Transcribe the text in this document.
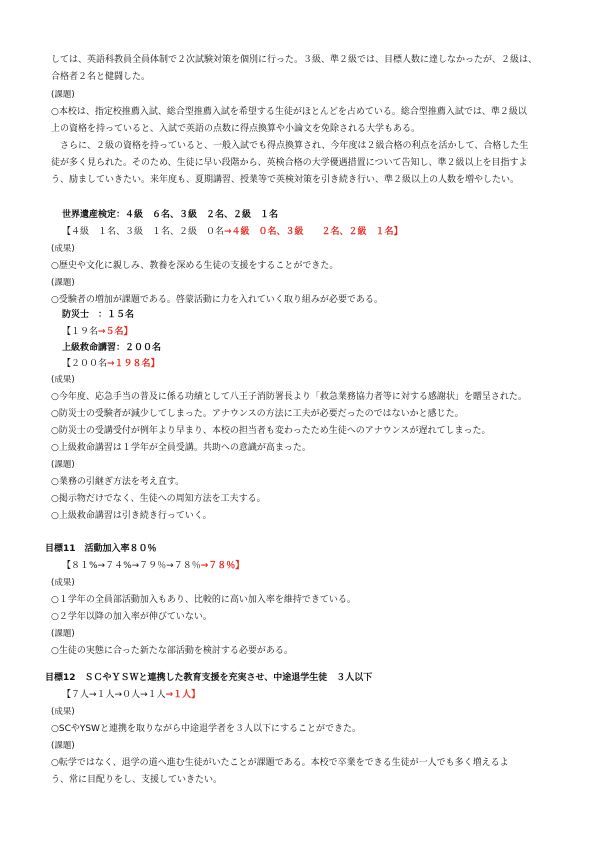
しては、英語科教員全員体制で２次試験対策を個別に行った。３級、準２級では、目標人数に達しなかったが、２級は、
合格者２名と健闘した。
(課題)
○本校は、指定校推薦入試、総合型推薦入試を希望する生徒がほとんどを占めている。総合型推薦入試では、準２級以
上の資格を持っていると、入試で英語の点数に得点換算や小論文を免除される大学もある。
　さらに、２級の資格を持っていると、一般入試でも得点換算され、今年度は２級合格の利点を活かして、合格した生
徒が多く見られた。そのため、生徒に早い段階から、英検合格の大学優遇措置について告知し、準２級以上を目指すよ
う、励ましていきたい。来年度も、夏期講習、授業等で英検対策を引き続き行い、準２級以上の人数を増やしたい。
世界遺産検定：４級　６名、３級　２名、２級　１名
【４級　１名、３級　１名、２級　０名→４級　０名、３級　　２名、２級　１名】
(成果)
○歴史や文化に親しみ、教養を深める生徒の支援をすることができた。
(課題)
○受験者の増加が課題である。啓蒙活動に力を入れていく取り組みが必要である。
防災士　：１５名
【１９名→５名】
上級救命講習：２００名
【２００名→１９８名】
(成果)
○今年度、応急手当の普及に係る功績として八王子消防署長より「救急業務協力者等に対する感謝状」を贈呈された。
○防災士の受験者が減少してしまった。アナウンスの方法に工夫が必要だったのではないかと感じた。
○防災士の受講受付が例年より早まり、本校の担当者も変わったため生徒へのアナウンスが遅れてしまった。
○上級救命講習は１学年が全員受講。共助への意識が高まった。
(課題)
○業務の引継ぎ方法を考え直す。
○掲示物だけでなく、生徒への周知方法を工夫する。
○上級救命講習は引き続き行っていく。
目標11　活動加入率８０％
【８１%→７４%→７９％→７８％→７８％】
(成果)
○１学年の全員部活動加入もあり、比較的に高い加入率を維持できている。
○２学年以降の加入率が伸びていない。
(課題)
○生徒の実態に合った新たな部活動を検討する必要がある。
目標12　ＳＣやＹＳＷと連携した教育支援を充実させ、中途退学生徒　３人以下
【７人→１人→０人→１人→１人】
(成果)
○SCやYSWと連携を取りながら中途退学者を３人以下にすることができた。
(課題)
○転学ではなく、退学の道へ進む生徒がいたことが課題である。本校で卒業をできる生徒が一人でも多く増えるよ
う、常に目配りをし、支援していきたい。
